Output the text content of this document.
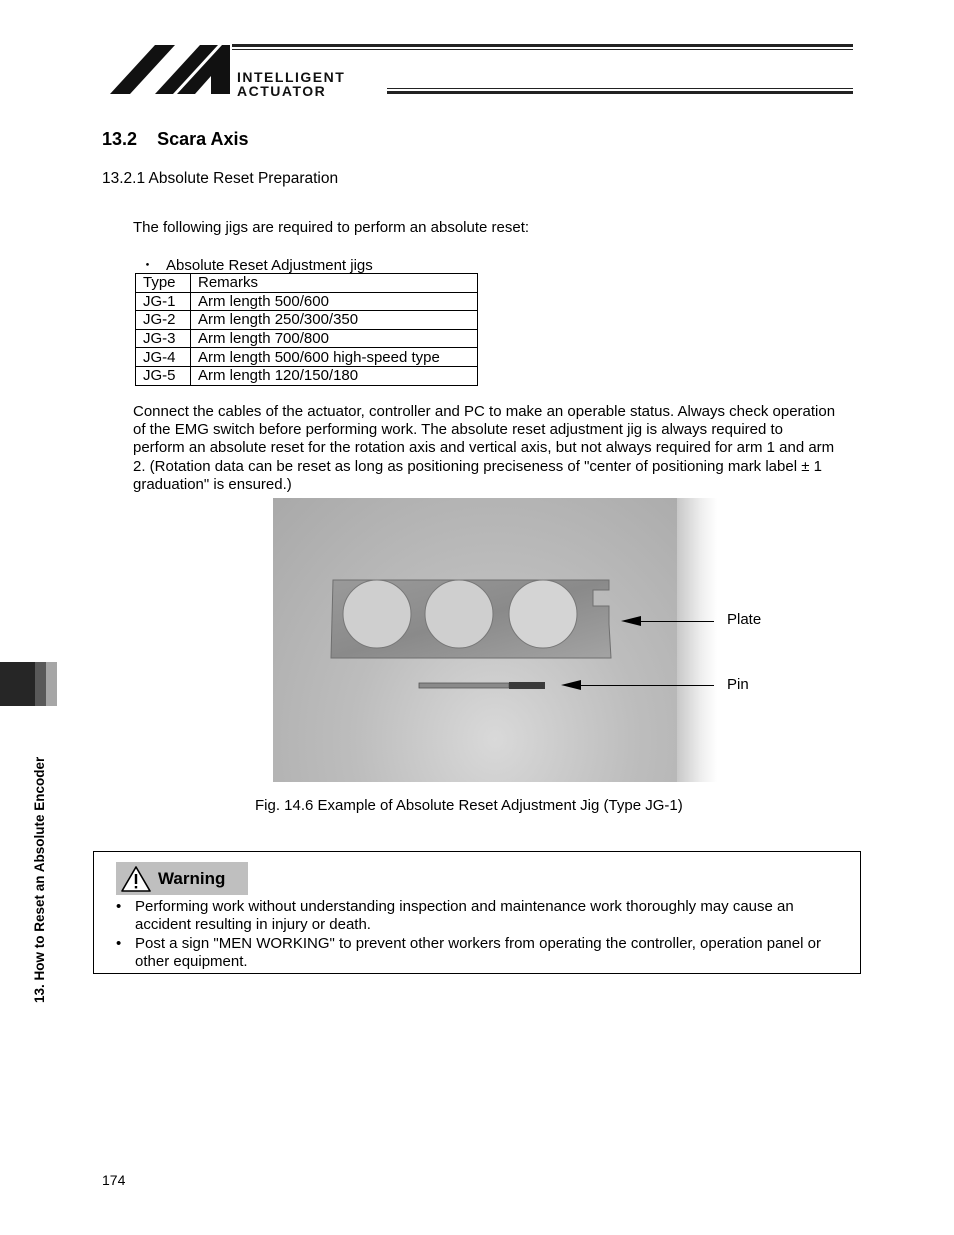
INTELLIGENT
ACTUATOR
13.2 Scara Axis
13.2.1 Absolute Reset Preparation
The following jigs are required to perform an absolute reset:
・ Absolute Reset Adjustment jigs
Type	Remarks
JG-1	Arm length 500/600
JG-2	Arm length 250/300/350
JG-3	Arm length 700/800
JG-4	Arm length 500/600 high-speed type
JG-5	Arm length 120/150/180
Connect the cables of the actuator, controller and PC to make an operable status. Always check operation
of the EMG switch before performing work. The absolute reset adjustment jig is always required to
perform an absolute reset for the rotation axis and vertical axis, but not always required for arm 1 and arm
2. (Rotation data can be reset as long as positioning preciseness of "center of positioning mark label ± 1
graduation" is ensured.)
Plate
Pin
Fig. 14.6 Example of Absolute Reset Adjustment Jig (Type JG-1)
Warning
• Performing work without understanding inspection and maintenance work thoroughly may cause an
accident resulting in injury or death.
• Post a sign "MEN WORKING" to prevent other workers from operating the controller, operation panel or
other equipment.
13. How to Reset an Absolute Encoder
174
